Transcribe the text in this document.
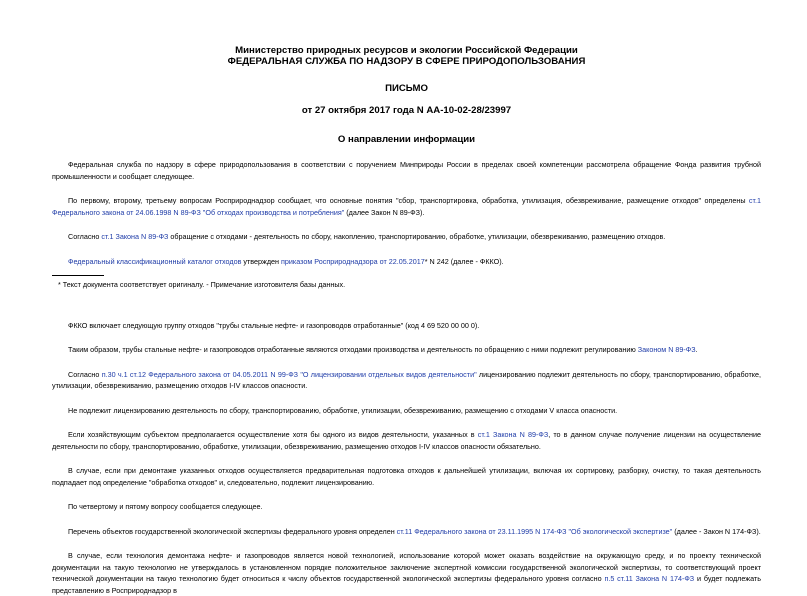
Министерство природных ресурсов и экологии Российской Федерации
ФЕДЕРАЛЬНАЯ СЛУЖБА ПО НАДЗОРУ В СФЕРЕ ПРИРОДОПОЛЬЗОВАНИЯ
ПИСЬМО
от 27 октября 2017 года N АА-10-02-28/23997
О направлении информации

Федеральная служба по надзору в сфере природопользования в соответствии с поручением Минприроды России в пределах своей компетенции рассмотрела обращение Фонда развития трубной промышленности и сообщает следующее.

По первому, второму, третьему вопросам Росприроднадзор сообщает, что основные понятия "сбор, транспортировка, обработка, утилизация, обезвреживание, размещение отходов" определены ст.1 Федерального закона от 24.06.1998 N 89-ФЗ "Об отходах производства и потребления" (далее Закон N 89-ФЗ).

Согласно ст.1 Закона N 89-ФЗ обращение с отходами - деятельность по сбору, накоплению, транспортированию, обработке, утилизации, обезвреживанию, размещению отходов.

Федеральный классификационный каталог отходов утвержден приказом Росприроднадзора от 22.05.2017* N 242 (далее - ФККО).

* Текст документа соответствует оригиналу. - Примечание изготовителя базы данных.

ФККО включает следующую группу отходов "трубы стальные нефте- и газопроводов отработанные" (код 4 69 520 00 00 0).

Таким образом, трубы стальные нефте- и газопроводов отработанные являются отходами производства и деятельность по обращению с ними подлежит регулированию Законом N 89-ФЗ.

Согласно п.30 ч.1 ст.12 Федерального закона от 04.05.2011 N 99-ФЗ "О лицензировании отдельных видов деятельности" лицензированию подлежит деятельность по сбору, транспортированию, обработке, утилизации, обезвреживанию, размещению отходов I-IV классов опасности.

Не подлежит лицензированию деятельность по сбору, транспортированию, обработке, утилизации, обезвреживанию, размещению с отходами V класса опасности.

Если хозяйствующим субъектом предполагается осуществление хотя бы одного из видов деятельности, указанных в ст.1 Закона N 89-ФЗ, то в данном случае получение лицензии на осуществление деятельности по сбору, транспортированию, обработке, утилизации, обезвреживанию, размещению отходов I-IV классов опасности обязательно.

В случае, если при демонтаже указанных отходов осуществляется предварительная подготовка отходов к дальнейшей утилизации, включая их сортировку, разборку, очистку, то такая деятельность подпадает под определение "обработка отходов" и, следовательно, подлежит лицензированию.

По четвертому и пятому вопросу сообщается следующее.

Перечень объектов государственной экологической экспертизы федерального уровня определен ст.11 Федерального закона от 23.11.1995 N 174-ФЗ "Об экологической экспертизе" (далее - Закон N 174-ФЗ).

В случае, если технология демонтажа нефте- и газопроводов является новой технологией, использование которой может оказать воздействие на окружающую среду, и по проекту технической документации на такую технологию не утверждалось в установленном порядке положительное заключение экспертной комиссии государственной экологической экспертизы, то соответствующий проект технической документации на такую технологию будет относиться к числу объектов государственной экологической экспертизы федерального уровня согласно п.5 ст.11 Закона N 174-ФЗ и будет подлежать представлению в Росприроднадзор в
